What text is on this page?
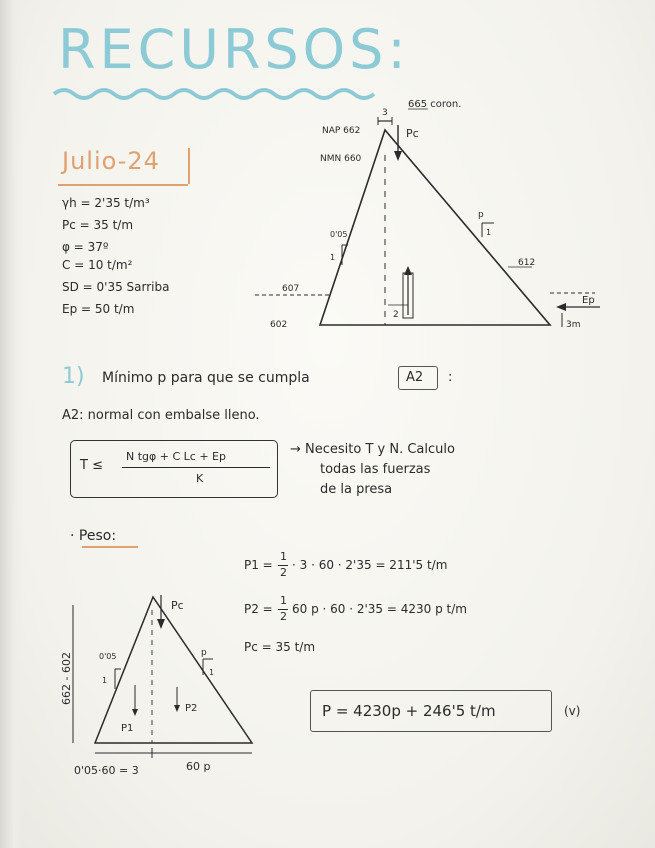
RECURSOS:
Julio-24
γh = 2'35 t/m³
Pc = 35 t/m
φ = 37º
C = 10 t/m²
SD = 0'35 Sarriba
Ep = 50 t/m
3
665 coron.
NAP 662
NMN 660
Pc
0'05
1
p
1
612
607
602
2
Ep
3m
1) Mínimo p para que se cumpla	A2 :
A2: normal con embalse lleno.
T ≤
N tgφ + C Lc + Ep
K
→ Necesito T y N. Calculo
todas las fuerzas
de la presa
· Peso:
P1 =
1
2
· 3 · 60 · 2'35 = 211'5 t/m
P2 =
1
2
60 p · 60 · 2'35 = 4230 p t/m
Pc = 35 t/m
P = 4230p + 246'5 t/m	(v)
Pc
0'05
1
p
1
P1
P2
662 - 602
0'05·60 = 3	60 p
